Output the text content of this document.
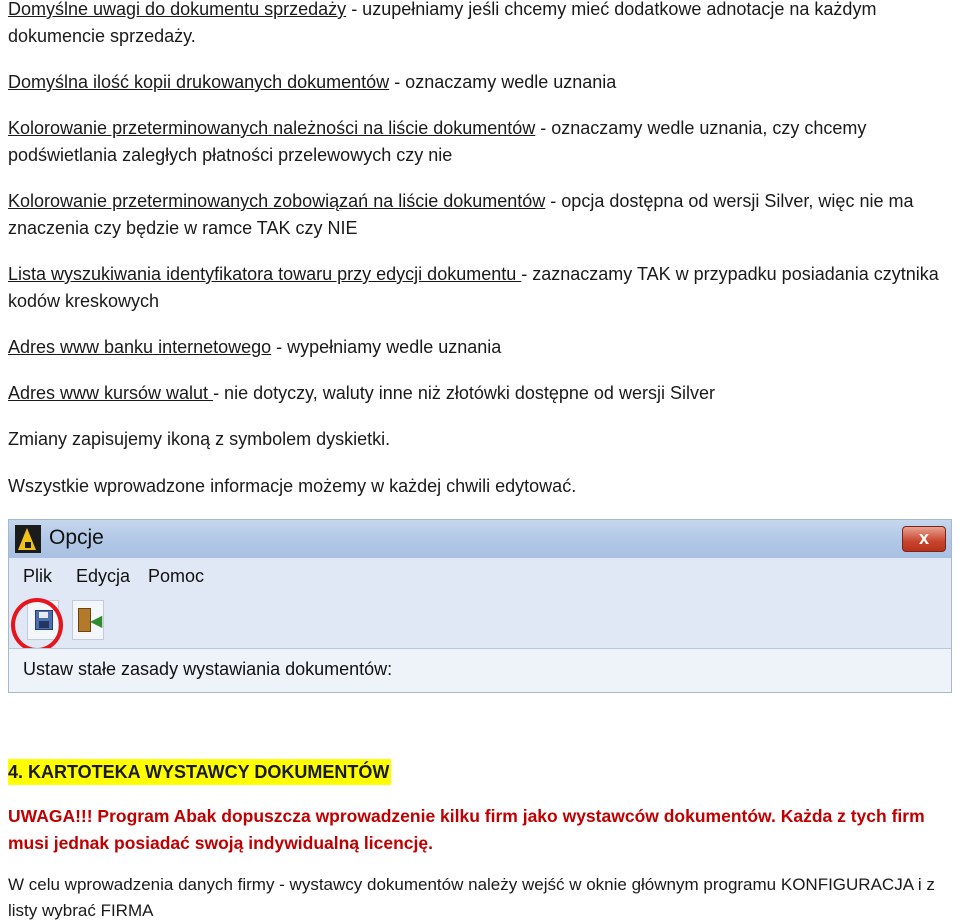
Domyślne uwagi do dokumentu sprzedaży - uzupełniamy jeśli chcemy mieć dodatkowe adnotacje na każdym dokumencie sprzedaży.
Domyślna ilość kopii drukowanych dokumentów - oznaczamy wedle uznania
Kolorowanie przeterminowanych należności na liście dokumentów - oznaczamy wedle uznania, czy chcemy podświetlania zaległych płatności przelewowych czy nie
Kolorowanie przeterminowanych zobowiązań na liście dokumentów - opcja dostępna od wersji Silver, więc nie ma znaczenia czy będzie w ramce TAK czy NIE
Lista wyszukiwania identyfikatora towaru przy edycji dokumentu - zaznaczamy TAK w przypadku posiadania czytnika kodów kreskowych
Adres www banku internetowego - wypełniamy wedle uznania
Adres www kursów walut - nie dotyczy, waluty inne niż złotówki dostępne od wersji Silver
Zmiany zapisujemy ikoną z symbolem dyskietki.
Wszystkie wprowadzone informacje możemy w każdej chwili edytować.
Opcje	x
Plik Edycja Pomoc
◀
Ustaw stałe zasady wystawiania dokumentów:
4. KARTOTEKA WYSTAWCY DOKUMENTÓW
UWAGA!!! Program Abak dopuszcza wprowadzenie kilku firm jako wystawców dokumentów. Każda z tych firm musi jednak posiadać swoją indywidualną licencję.
W celu wprowadzenia danych firmy - wystawcy dokumentów należy wejść w oknie głównym programu KONFIGURACJA i z listy wybrać FIRMA
